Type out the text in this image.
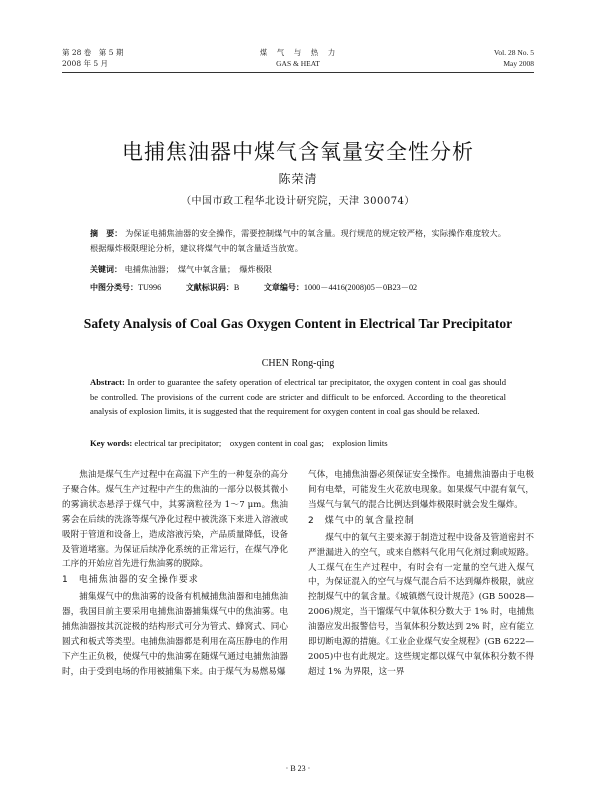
第 28 卷　第 5 期
2008 年 5 月
煤　气　与　热　力
GAS & HEAT
Vol. 28 No. 5
May 2008
电捕焦油器中煤气含氧量安全性分析
陈荣清
（中国市政工程华北设计研究院，天津 300074）
摘　要： 为保证电捕焦油器的安全操作，需要控制煤气中的氧含量。现行规范的规定较严格，实际操作难度较大。根据爆炸极限理论分析，建议将煤气中的氧含量适当放宽。
关键词： 电捕焦油器；　煤气中氧含量；　爆炸极限
中图分类号：TU996	文献标识码：B	文章编号：1000－4416(2008)05－0B23－02
Safety Analysis of Coal Gas Oxygen Content in Electrical Tar Precipitator
CHEN Rong-qing
Abstract: In order to guarantee the safety operation of electrical tar precipitator, the oxygen content in coal gas should be controlled. The provisions of the current code are stricter and difficult to be enforced. According to the theoretical analysis of explosion limits, it is suggested that the requirement for oxygen content in coal gas should be relaxed.
Key words: electrical tar precipitator;　oxygen content in coal gas;　explosion limits

焦油是煤气生产过程中在高温下产生的一种复杂的高分子聚合体。煤气生产过程中产生的焦油的一部分以极其微小的雾滴状态悬浮于煤气中，其雾滴粒径为 1～7 μm。焦油雾会在后续的洗涤等煤气净化过程中被洗涤下来进入溶液或吸附于管道和设备上，造成溶液污染，产品质量降低，设备及管道堵塞。为保证后续净化系统的正常运行，在煤气净化工序的开始应首先进行焦油雾的脱除。

1　电捕焦油器的安全操作要求

捕集煤气中的焦油雾的设备有机械捕焦油器和电捕焦油器，我国目前主要采用电捕焦油器捕集煤气中的焦油雾。电捕焦油器按其沉淀极的结构形式可分为管式、蜂窝式、同心圆式和板式等类型。电捕焦油器都是利用在高压静电的作用下产生正负极，使煤气中的焦油雾在随煤气通过电捕焦油器时，由于受到电场的作用被捕集下来。由于煤气为易燃易爆

气体，电捕焦油器必须保证安全操作。电捕焦油器由于电极间有电晕，可能发生火花放电现象。如果煤气中混有氧气，当煤气与氧气的混合比例达到爆炸极限时就会发生爆炸。

2　煤气中的氧含量控制

煤气中的氧气主要来源于制造过程中设备及管道密封不严泄漏进入的空气，或来自燃料气化用气化剂过剩或短路。人工煤气在生产过程中，有时会有一定量的空气进入煤气中，为保证混入的空气与煤气混合后不达到爆炸极限，就应控制煤气中的氧含量。《城镇燃气设计规范》(GB 50028—2006)规定，当干馏煤气中氧体积分数大于 1% 时，电捕焦油器应发出报警信号，当氧体积分数达到 2% 时，应有能立即切断电源的措施。《工业企业煤气安全规程》(GB 6222—2005)中也有此规定。这些规定都以煤气中氧体积分数不得超过 1% 为界限，这一界

· B 23 ·
